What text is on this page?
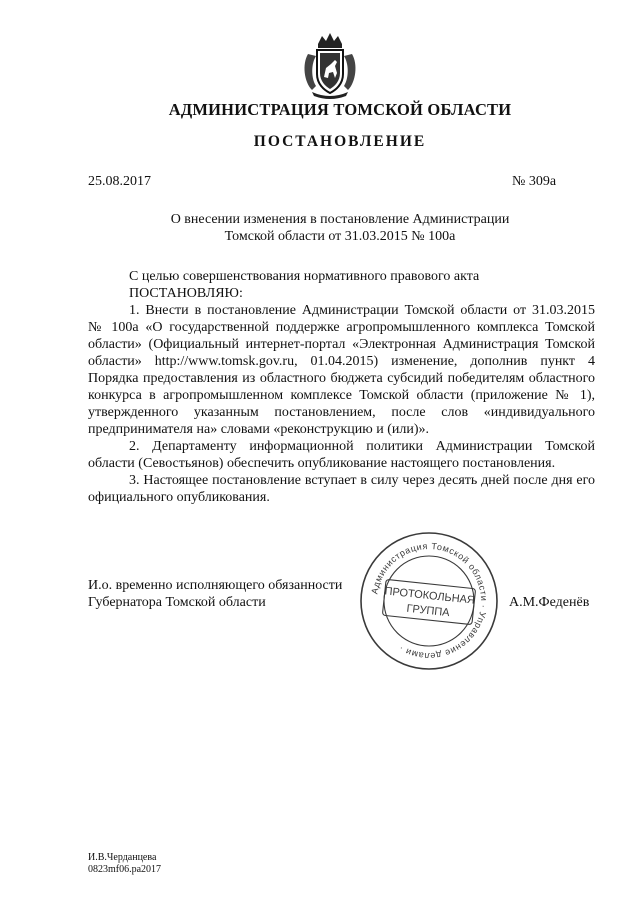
АДМИНИСТРАЦИЯ ТОМСКОЙ ОБЛАСТИ
ПОСТАНОВЛЕНИЕ
25.08.2017	№ 309а
О внесении изменения в постановление Администрации
Томской области от 31.03.2015 № 100а
С целью совершенствования нормативного правового акта
ПОСТАНОВЛЯЮ:
1. Внести в постановление Администрации Томской области от 31.03.2015
№ 100а «О государственной поддержке агропромышленного комплекса Томской
области» (Официальный интернет-портал «Электронная Администрация Томской
области» http://www.tomsk.gov.ru, 01.04.2015) изменение, дополнив пункт 4
Порядка предоставления из областного бюджета субсидий победителям областного
конкурса в агропромышленном комплексе Томской области (приложение № 1),
утвержденного указанным постановлением, после слов «индивидуального
предпринимателя на» словами «реконструкцию и (или)».
2. Департаменту информационной политики Администрации Томской
области (Севостьянов) обеспечить опубликование настоящего постановления.
3. Настоящее постановление вступает в силу через десять дней после дня его
официального опубликования.
И.о. временно исполняющего обязанности
Губернатора Томской области	А.М.Феденёв
Администрация Томской области · Управление делами ·
ПРОТОКОЛЬНАЯ
ГРУППА
И.В.Черданцева
0823mf06.pa2017
